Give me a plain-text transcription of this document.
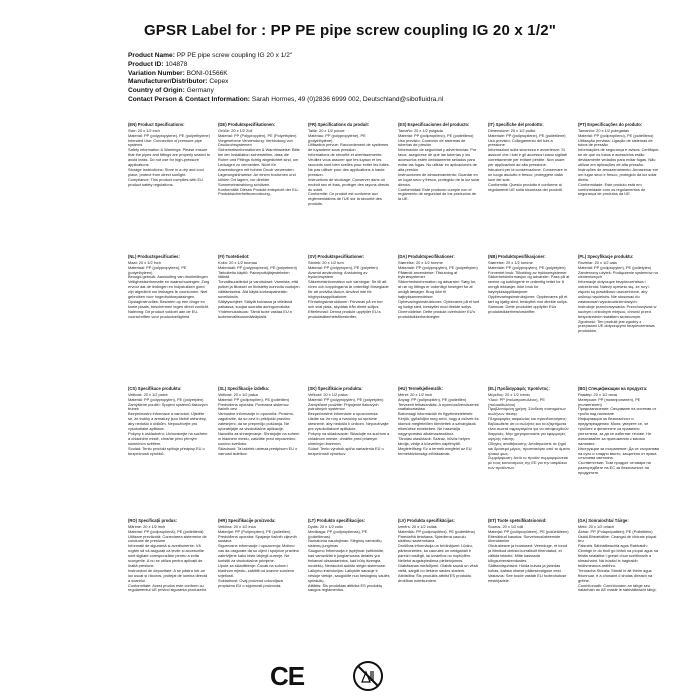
GPSR Label for : PP PE pipe screw coupling IG 20 x 1/2"
Product Name: PP PE pipe screw coupling IG 20 x 1/2"
Product ID: 104878
Variation Number: BONI-01566K
Manufacturer/Distributor: Cepex
Country of Origin: Germany
Contact Person & Contact Information: Sarah Hormes, 49 (0)2836 6999 002, Deutschland@sibofluidra.nl
(EN) Product Specifications:
Size: 20 x 1/2 inch
Material: PP (polypropylene), PE (polyethylene)
Intended Use: Connection of pressure pipe systems
Safety information & Warnings: Please ensure that the pipes and fittings are properly sealed to avoid leaks. Do not use for high-pressure applications.
Storage Instructions: Store in a dry and cool place, protect from direct sunlight.
Compliance: This product complies with EU product safety regulations.
(DE) Produktspezifikationen:
Größe: 20 x 1/2 Zoll
Material: PP (Polypropylen), PE (Polyethylen)
Vorgesehene Verwendung: Verbindung von Druckrohrsystemen
Sicherheitsinformationen & Warnhinweise: Bitte bei der Installation sicherstellen, dass die Rohre und Fittings richtig abgedichtet sind, um Leckagen zu vermeiden. Nicht für Anwendungen mit hohem Druck verwenden.
Lagerungshinweise: An einem trockenen und kühlen Ort lagern, vor direkter Sonneneinstrahlung schützen.
Konformität: Dieses Produkt entspricht der EU-Produktsicherheitsverordnung.
(FR) Spécifications du produit:
Taille: 20 x 1/2 pouce
Matériau: PP (polypropylène), PE (polyéthylène)
Utilisation prévue: Raccordement de systèmes de tuyauterie sous pression
Informations de sécurité et avertissements: Veuillez vous assurer que les tuyaux et les raccords sont bien scellés pour éviter les fuites. Ne pas utiliser pour des applications à haute pression.
Instructions de stockage: Conserver dans un endroit sec et frais, protéger des rayons directs du soleil.
Conformité: Ce produit est conforme aux réglementations de l'UE sur la sécurité des produits.
(ES) Especificaciones del producto:
Tamaño: 20 x 1/2 pulgada
Material: PP (polipropileno), PE (polietileno)
Uso previsto: Conexión de sistemas de tuberías de presión
Información de seguridad y advertencias: Por favor, asegúrese de que las tuberías y los accesorios estén debidamente sellados para evitar las fugas. No utilizar en aplicaciones de alta presión.
Instrucciones de almacenamiento: Guardar en un lugar seco y fresco, protegido de la luz solar directa.
Conformidad: Este producto cumple con el reglamento de seguridad de los productos de la UE.
(IT) Specifiche del prodotto:
Dimensione: 20 x 1/2 pollici
Materiale: PP (polipropilene), PE (polietilene)
Uso previsto: Collegamento dei tubi a pressione
Informazioni sulla sicurezza e avvertenze: Si assicuri che i tubi e gli accessori siano sigillati correttamente per evitare perdite. Non usare per applicazioni ad alta pressione.
Istruzioni per la conservazione: Conservare in un luogo asciutto e fresco, proteggere dalla luce del sole.
Conformità: Questo prodotto è conforme ai regolamenti UE sulla sicurezza dei prodotti.
(PT) Especificações do produto:
Tamanho: 20 x 1/2 polegadas
Material: PP (polipropileno), PE (polietileno)
Utilização prevista: Ligação de sistemas de tubos de pressão
Informações de segurança e avisos: Certifique-se de que os tubos e acessórios estão devidamente vedados para evitar fugas. Não utilizar em aplicações de alta pressão.
Instruções de armazenamento: Armazenar em um lugar seco e fresco, protegido da luz solar direta.
Conformidade: Este produto está em conformidade com os regulamentos de segurança de produtos da UE.
(NL) Productspecificaties:
Maat: 20 x 1/2 inch
Materiaal: PP (polypropyleen), PE (polyethyleen)
Beoogd gebruik: Aansluiting van drukleidingen
Veiligheidsinformatie en waarschuwingen: Zorg ervoor dat de leidingen en hulpstukken goed zijn afgedicht om lekkages te voorkomen. Niet gebruiken voor hogedruktoepassingen.
Opslaginstructies: Bewaren op een droge en koele plaats, beschermen tegen direct zonlicht.
Naleving: Dit product voldoet aan de EU-voorschriften voor productveiligheid.
(FI) Tuotetiedot:
Koko: 20 x 1/2 tuumaa
Materiaali: PP (polypropeeni), PE (polyeteeni)
Tarkoitettu käyttö: Paineputkijärjestelmien liitäntä
Turvallisuustiedot ja varoitukset: Varmista, että putket ja liitokset on tiivistetty kunnolla vuotojen välttämiseksi. Älä käytä korkeapaineisiin sovelluksiin.
Säilytysohjeet: Säilytä kuivassa ja viileässä paikassa, suojaa suoralta auringonvalolta.
Yhdenmukaisuus: Tämä tuote vastaa EU:n tuoteturvallisuusmääräyksiä.
(SV) Produktspecifikationer:
Storlek: 20 x 1/2 tum
Material: PP (polypropen), PE (polyeten)
Avsedd användning: Anslutning av tryckrörsystem
Säkerhetsinformation och varningar: Se till att rören och kopplingarna är ordentligt förseglade för att undvika läckor. Använd inte för högtrycksapplikationer.
Förvaringsinstruktioner: Förvaras på en torr och sval plats, skyddas från direkt solljus.
Efterlevnad: Denna produkt uppfyller EU:s produktsäkerhetsföreskrifter.
(DA) Produktspecifikationer:
Størrelse: 20 x 1/2 tomme
Materiale: PP (polypropylen), PE (polyethylen)
Påtænkt anvendelse: Tilslutning af trykrørsystemer
Sikkerhedsinformation og advarsler: Sørg for, at rør og fittings er ordentligt forseglet for at undgå lækager. Brug ikke til højtryksanvendelser.
Opbevaringsinstruktioner: Opbevares på et tørt og køligt sted, beskyttet mod direkte sollys.
Overholdelse: Dette produkt overholder EU's produktsikkerhedsregler.
(NB) Produktspesifikasjoner:
Størrelse: 20 x 1/2 tomme
Materiale: PP (polypropylen), PE (polyetylen)
Forventet bruk: Tilkobling av trykkrørsystemer
Sikkerhetsinformasjon og advarsler: Pass på at rørene og koblingene er ordentlig tettet for å unngå lekkasjer. Ikke bruk for høytrykksapplikasjoner.
Oppbevaringsinstruksjoner: Oppbevares på et tørt og kjølig sted, beskyttet mot direkte sollys.
Samsvar: Dette produktet oppfyller EUs produktsikkerhetsforskrifter.
(PL) Specyfikacje produktu:
Rozmiar: 20 x 1/2 cala
Materiał: PP (polipropylen), PE (polietylen)
Zamierzony użytek: Podłączenie systemów rur ciśnieniowych
Informacje dotyczące bezpieczeństwa i ostrzeżenia: Należy upewnić się, że rury i złączki są prawidłowo uszczelnione, aby uniknąć wycieków. Nie stosować do zastosowań wysokociśnieniowych.
Instrukcje przechowywania: Przechowywać w suchym i chłodnym miejscu, chronić przed bezpośrednim światłem słonecznym.
Zgodność: Ten produkt jest zgodny z przepisami UE dotyczącymi bezpieczeństwa produktów.
(CS) Specifikace produktu:
Velikost: 20 x 1/2 palce
Materiál: PP (polypropylen), PE (polyetylen)
Zamýšlené použití: Spojení systémů tlakových trubek
Bezpečnostní informace a varování: Ujistěte se, že trubky a armatury jsou řádně utěsněny, aby nedošlo k únikům. Nepoužívejte pro vysokotlaké aplikace.
Pokyny k uskladnění: Uchovávejte na suchém a chladném místě, chraňte před přímým slunečním světlem.
Soulad: Tento produkt splňuje předpisy EU o bezpečnosti výrobků.
(SL) Specifikacije izdelka:
Velikost: 20 x 1/2 palca
Material: PP (polipropilen), PE (polietilen)
Predvidena uporaba: Povezava sistemov tlačnih cevi
Varnostne informacije in opozorila: Prosimo, zagotovite, da so cevi in priključki pravilno zatesnjeni, da se preprečijo puščanja. Ne uporabljajte za visokotlačne aplikacije.
Navodila za shranjevanje: Shranjujte na suhem in hladnem mestu, zaščitite pred neposredno sončno svetlobo.
Skladnost: Ta izdelek ustreza predpisom EU o varnosti izdelkov.
(SK) Špecifikácie produktu:
Veľkosť: 20 x 1/2 palca
Materiál: PP (polypropylén), PE (polyetylén)
Zamýšľané použitie: Pripojenie tlakových potrubných systémov
Bezpečnostné informácie a upozornenia: Uistite sa, že rúry a tvarovky sú správne utesnené, aby nedošlo k únikom. Nepoužívajte pre vysokotlakové aplikácie.
Pokyny na skladovanie: Skladujte na suchom a chladnom mieste, chráňte pred priamym slnečným žiarením.
Súlad: Tento výrobok spĺňa nariadenia EÚ o bezpečnosti výrobkov.
(HU) Termékjellemzők:
Méret: 20 x 1/2 inch
Anyag: PP (polipropilén), PE (polietilén)
Tervezett felhasználás: A nyomócsőrendszerek csatlakoztatása
Biztonsági információk és figyelmeztetések: Kérjük, győződjön meg arról, hogy a csövek és idomok megfelelően tömítettek a szivárgások elkerülése érdekében. Ne használja nagynyomású alkalmazásokhoz.
Tárolási utasítások: Száraz, hűvös helyen tárolja, védje a közvetlen napfénytől.
Megfelelőség: Ez a termék megfelel az EU termékbiztonsági előírásainak.
(EL) Προδιαγραφές προϊόντος:
Μέγεθος: 20 x 1/2 ίντσες
Υλικό: PP (πολυπροπυλένιο), PE (πολυαιθυλένιο)
Προβλεπόμενη χρήση: Σύνδεση συστημάτων σωλήνων πίεσης
Πληροφορίες ασφαλείας και προειδοποιήσεις: Βεβαιωθείτε ότι οι σωλήνες και τα εξαρτήματα είναι σωστά σφραγισμένα για να αποφευχθούν διαρροές. Μην χρησιμοποιείτε για εφαρμογές υψηλής πίεσης.
Οδηγίες αποθήκευσης: Αποθηκεύστε σε ξηρό και δροσερό μέρος, προστατέψτε από το άμεσο ηλιακό φως.
Συμμόρφωση: Αυτό το προϊόν συμμορφώνεται με τους κανονισμούς της ΕΕ για την ασφάλεια των προϊόντων.
(BG) Спецификации на продукта:
Размер: 20 x 1/2 инча
Материал: PP (полипропилен), PE (полиетилен)
Предназначение: Свързване на системи от тръби под налягане
Информация за безопасност и предупреждения: Моля, уверете се, че тръбите и фитингите са правилно уплътнени, за да се избегнат течове. Не използвайте за приложения с високо налягане.
Инструкции за съхранение: Да се съхранява на сухо и хладно място, защитено от пряка слънчева светлина.
Съответствие: Този продукт отговаря на разпоредбите на ЕС за безопасност на продуктите.
(RO) Specificații produs:
Mărime: 20 x 1/2 inch
Material: PP (polipropilenă), PE (polietilenă)
Utilizare prevăzută: Conectarea sistemelor de conducte de presiune
Informații de siguranță și avertismente: Vă rugăm să vă asigurați că țevile și accesoriile sunt sigilate corespunzător pentru a evita scurgerile. A nu se utiliza pentru aplicații de înaltă presiune.
Instrucțiuni de depozitare: A se păstra într-un loc uscat și răcoros, protejat de lumina directă a soarelui.
Conformitate: Acest produs este conform cu regulamentul UE privind siguranța produselor.
(HR) Specifikacije proizvoda:
Veličina: 20 x 1/2 inča
Materijal: PP (Polipropilen), PE (polietilen)
Predviđena uporaba: Spajanje tlačnih cijevnih sustava
Sigurnosne informacije i upozorenja: Molimo vas da osigurate da su cijevi i spojnice pravilno zabrtvljene kako biste izbjegli curenje. Ne koristiti za visokotlačne primjene.
Upute za skladištenje: Čuvati na suhom i hladnom mjestu, zaštititi od izravne sunčeve svjetlosti.
Sukladnost: Ovaj proizvod udovoljava propisima EU o sigurnosti proizvoda.
(LT) Produkto specifikacijos:
Dydis: 20 x 1/2 colio
Medžiaga: PP (polipropilenas), PE (polietilenas)
Numatoma naudojimas: Slėginių vamzdžių sistemų jungimas
Saugumo informacija ir įspėjimai: Įsitikinkite, kad vamzdžiai ir jungiamosios detalės yra tinkamai užsandarintos, kad būtų išvengta nuotėkių. Nenaudoti aukšto slėgio sistemose.
Laikymo instrukcijos: Laikykite sausoje ir vėsioje vietoje, saugokite nuo tiesioginių saulės spindulių.
Atitiktis: Šis produktas atitinka ES produktų saugos reglamentus.
(LV) Produkta specifikācijas:
Izmērs: 20 x 1/2 collas
Materiāls: PP (polipropilēns), PE (polietilēns)
Paredzētā lietošana: Spiediena cauruļu sistēmu savienošana
Drošības informācija un brīdinājumi: Lūdzu, pārliecinieties, ka caurules un veidgabali ir pareizi noslēgti, lai izvairītos no noplūdēm. Nelietot augstspiediena pielietojumos.
Glabāšanas norādījumi: Glabāt sausā un vēsā vietā, sargāt no tiešiem saules stariem.
Atbilstība: Šis produkts atbilst ES produktu drošības noteikumiem.
(ET) Toote spetsifikatsioonid:
Suurus: 20 x 1/2 tolli
Materjal: PP (polüpropüleen), PE (polüetüleen)
Ettenähtud kasutus: Survetorusüsteemide ühendamine
Ohutusteave ja hoiatused: Veenduge, et torud ja liitmikud oleksid korralikult tihendatud, et vältida lekkeid. Mitte kasutada kõrgsurverakendustes.
Säilitamisjuhised: Hoida kuivas ja jahedas kohas, kaitsta otsese päikesevalguse eest.
Vastavus: See toode vastab ELi tooteohutuse eeskirjadele.
(GA) Sonraíochtaí Táirge:
Méid: 20 x 1/2 orlach
Ábhar: PP (Polaprópailéin), PE (Poileitiléin)
Úsáid Bheartaithe: Ceangal de chórais píopaí brú
Faisnéis Sábháilteachta agus Rabhaidh: Cinntigh le do thoil go bhfuil na píopaí agus na feistis séalaithe i gceart chun sceitheadh a sheachaint. Ná húsáid le haghaidh feidhmeanna ardbhrú.
Treoracha Stórála: Stóráil in áit thirim agus fhionnuar, é a chosaint ó sholas díreach na gréine.
Comhlíonadh: Comhlíonann an táirge seo rialacháin an AE maidir le sábháilteacht táirgí.
CE
